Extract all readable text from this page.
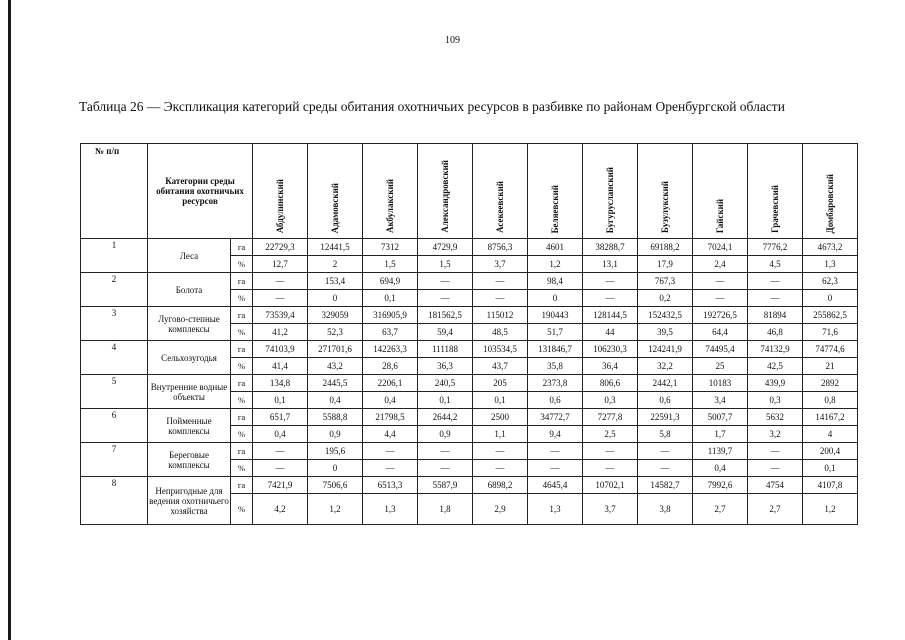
109
Таблица 26 — Экспликация категорий среды обитания охотничьих ресурсов в разбивке по районам Оренбургской области
№ п/п	Категории среды обитания охотничьих ресурсов		Абдулинский	Адамовский	Акбулакский	Александровский	Асекеевский	Беляевский	Бугурусланский	Бузулукский	Гайский	Грачевский	Домбаровский

1	Леса	га	22729,3	12441,5	7312	4729,9	8756,3	4601	38288,7	69188,2	7024,1	7776,2	4673,2
		%	12,7	2	1,5	1,5	3,7	1,2	13,1	17,9	2,4	4,5	1,3
2	Болота	га	—	153,4	694,9	—	—	98,4	—	767,3	—	—	62,3
		%	—	0	0,1	—	—	0	—	0,2	—	—	0
3	Лугово-степные комплексы	га	73539,4	329059	316905,9	181562,5	115012	190443	128144,5	152432,5	192726,5	81894	255862,5
		%	41,2	52,3	63,7	59,4	48,5	51,7	44	39,5	64,4	46,8	71,6
4	Сельхозугодья	га	74103,9	271701,6	142263,3	111188	103534,5	131846,7	106230,3	124241,9	74495,4	74132,9	74774,6
		%	41,4	43,2	28,6	36,3	43,7	35,8	36,4	32,2	25	42,5	21
5	Внутренние водные объекты	га	134,8	2445,5	2206,1	240,5	205	2373,8	806,6	2442,1	10183	439,9	2892
		%	0,1	0,4	0,4	0,1	0,1	0,6	0,3	0,6	3,4	0,3	0,8
6	Пойменные комплексы	га	651,7	5588,8	21798,5	2644,2	2500	34772,7	7277,8	22591,3	5007,7	5632	14167,2
		%	0,4	0,9	4,4	0,9	1,1	9,4	2,5	5,8	1,7	3,2	4
7	Береговые комплексы	га	—	195,6	—	—	—	—	—	—	1139,7	—	200,4
		%	—	0	—	—	—	—	—	—	0,4	—	0,1
8	Непригодные для ведения охотничьего хозяйства	га	7421,9	7506,6	6513,3	5587,9	6898,2	4645,4	10702,1	14582,7	7992,6	4754	4107,8
		%	4,2	1,2	1,3	1,8	2,9	1,3	3,7	3,8	2,7	2,7	1,2
